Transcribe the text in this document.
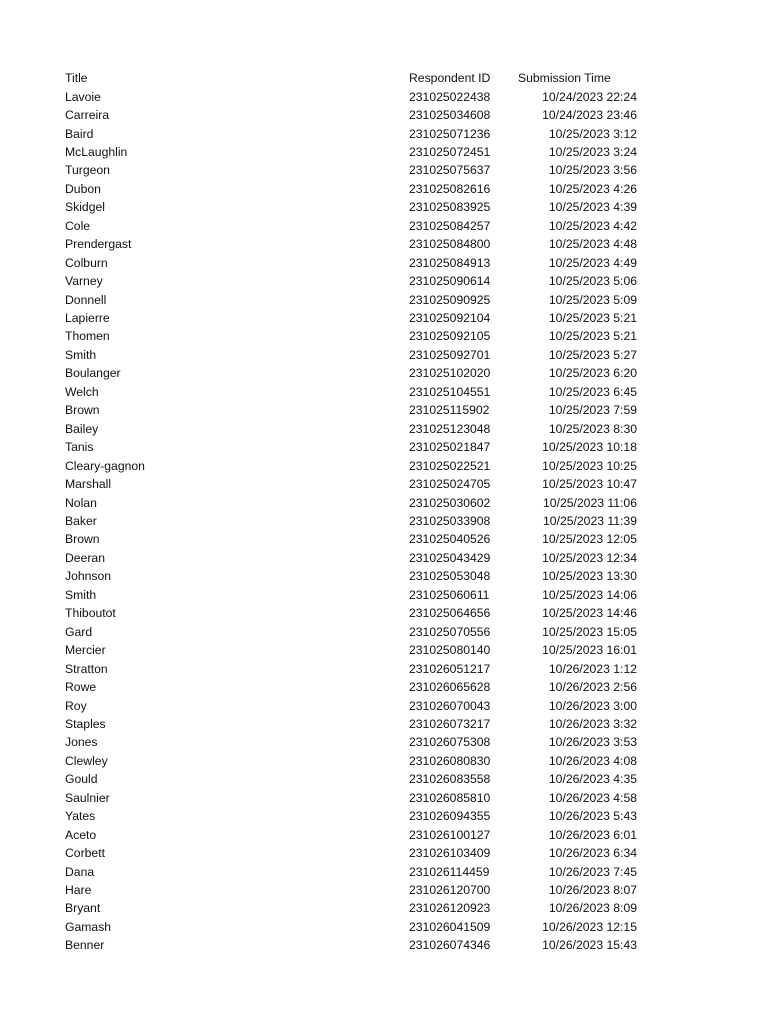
Title	Respondent ID	Submission Time
Lavoie	231025022438	10/24/2023 22:24
Carreira	231025034608	10/24/2023 23:46
Baird	231025071236	10/25/2023 3:12
McLaughlin	231025072451	10/25/2023 3:24
Turgeon	231025075637	10/25/2023 3:56
Dubon	231025082616	10/25/2023 4:26
Skidgel	231025083925	10/25/2023 4:39
Cole	231025084257	10/25/2023 4:42
Prendergast	231025084800	10/25/2023 4:48
Colburn	231025084913	10/25/2023 4:49
Varney	231025090614	10/25/2023 5:06
Donnell	231025090925	10/25/2023 5:09
Lapierre	231025092104	10/25/2023 5:21
Thomen	231025092105	10/25/2023 5:21
Smith	231025092701	10/25/2023 5:27
Boulanger	231025102020	10/25/2023 6:20
Welch	231025104551	10/25/2023 6:45
Brown	231025115902	10/25/2023 7:59
Bailey	231025123048	10/25/2023 8:30
Tanis	231025021847	10/25/2023 10:18
Cleary-gagnon	231025022521	10/25/2023 10:25
Marshall	231025024705	10/25/2023 10:47
Nolan	231025030602	10/25/2023 11:06
Baker	231025033908	10/25/2023 11:39
Brown	231025040526	10/25/2023 12:05
Deeran	231025043429	10/25/2023 12:34
Johnson	231025053048	10/25/2023 13:30
Smith	231025060611	10/25/2023 14:06
Thiboutot	231025064656	10/25/2023 14:46
Gard	231025070556	10/25/2023 15:05
Mercier	231025080140	10/25/2023 16:01
Stratton	231026051217	10/26/2023 1:12
Rowe	231026065628	10/26/2023 2:56
Roy	231026070043	10/26/2023 3:00
Staples	231026073217	10/26/2023 3:32
Jones	231026075308	10/26/2023 3:53
Clewley	231026080830	10/26/2023 4:08
Gould	231026083558	10/26/2023 4:35
Saulnier	231026085810	10/26/2023 4:58
Yates	231026094355	10/26/2023 5:43
Aceto	231026100127	10/26/2023 6:01
Corbett	231026103409	10/26/2023 6:34
Dana	231026114459	10/26/2023 7:45
Hare	231026120700	10/26/2023 8:07
Bryant	231026120923	10/26/2023 8:09
Gamash	231026041509	10/26/2023 12:15
Benner	231026074346	10/26/2023 15:43
